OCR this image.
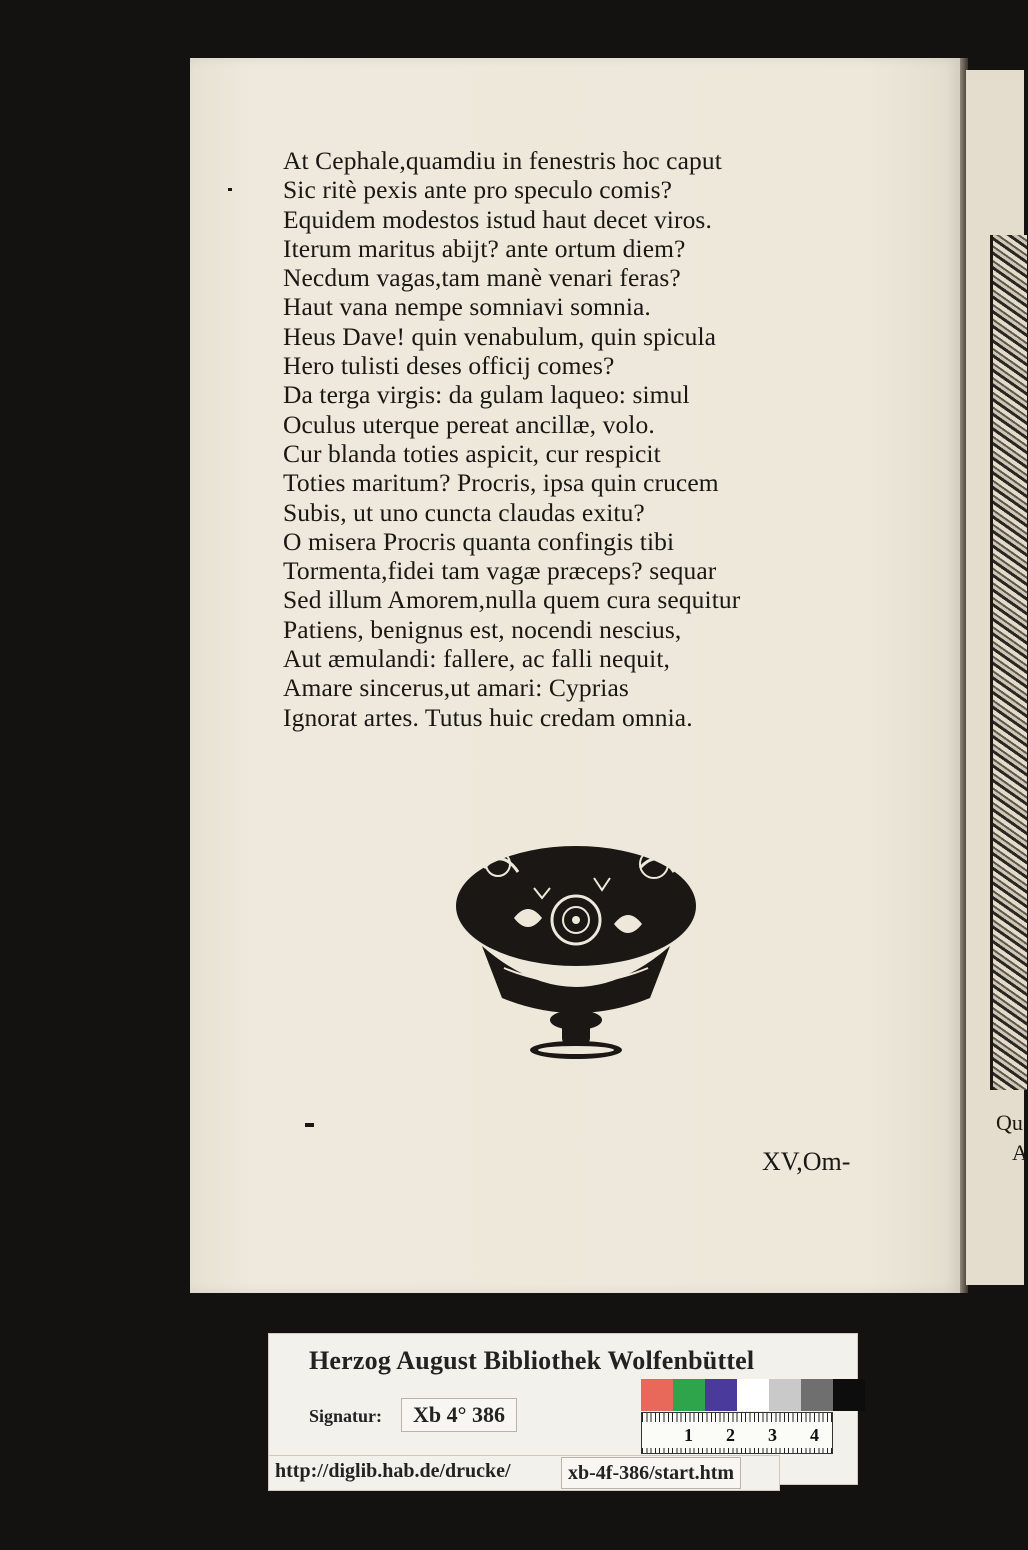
Qu
A
At Cephale,quamdiu in fenestris hoc caput
Sic ritè pexis ante pro speculo comis?
Equidem modestos istud haut decet viros.
Iterum maritus abijt? ante ortum diem?
Necdum vagas,tam manè venari feras?
Haut vana nempe somniavi somnia.
Heus Dave! quin venabulum, quin spicula
Hero tulisti deses officij comes?
Da terga virgis: da gulam laqueo: simul
Oculus uterque pereat ancillæ, volo.
Cur blanda toties aspicit, cur respicit
Toties maritum? Procris, ipsa quin crucem
Subis, ut uno cuncta claudas exitu?
O misera Procris quanta confingis tibi
Tormenta,fidei tam vagæ præceps? sequar
Sed illum Amorem,nulla quem cura sequitur
Patiens, benignus est, nocendi nescius,
Aut æmulandi: fallere, ac falli nequit,
Amare sincerus,ut amari: Cyprias
Ignorat artes. Tutus huic credam omnia.
XV,Om-
Herzog August Bibliothek Wolfenbüttel
Signatur:	Xb 4° 386
1 2 3 4
http://diglib.hab.de/drucke/	xb-4f-386/start.htm
